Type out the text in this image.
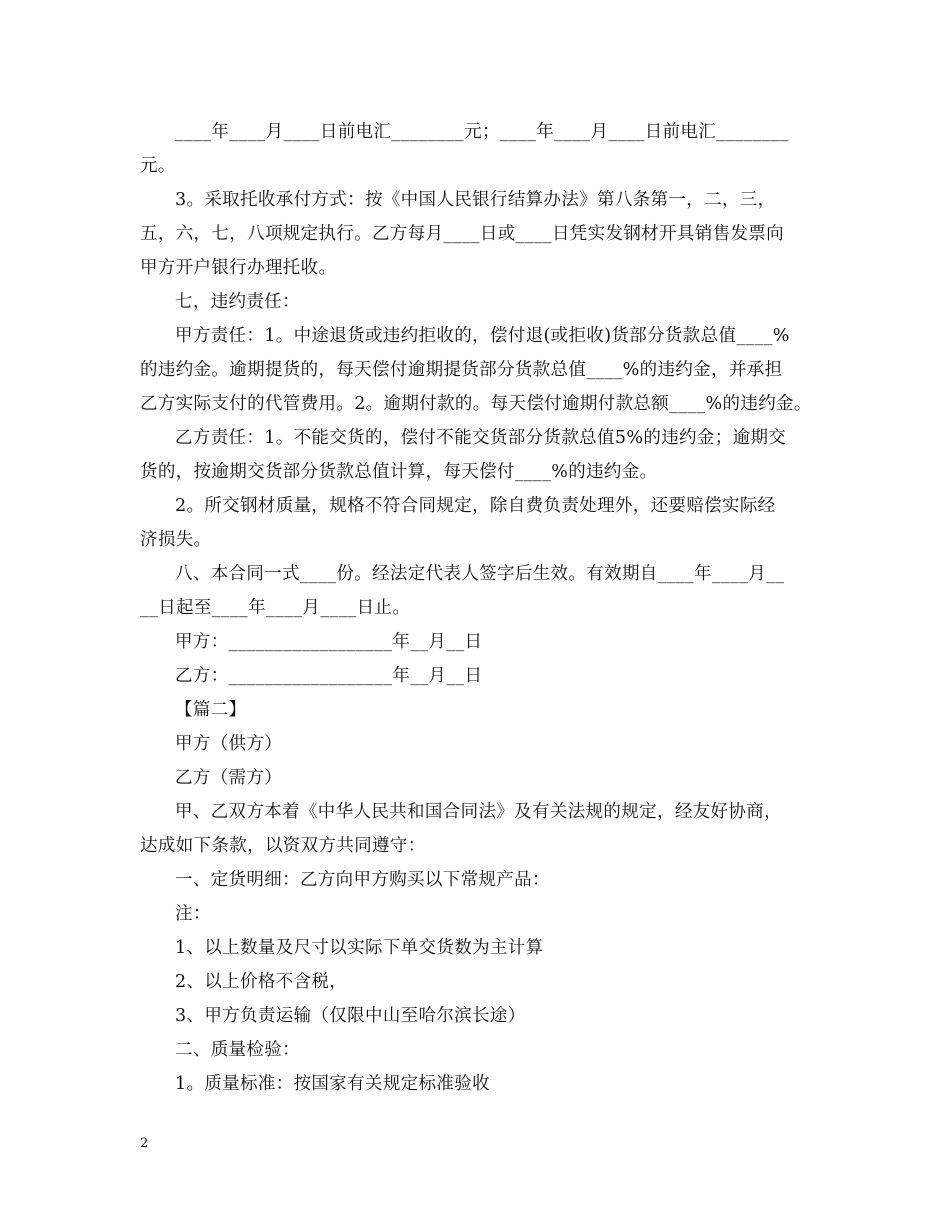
____年____月____日前电汇________元；____年____月____日前电汇________
元。
3。采取托收承付方式：按《中国人民银行结算办法》第八条第一，二，三，
五，六，七，八项规定执行。乙方每月____日或____日凭实发钢材开具销售发票向
甲方开户银行办理托收。
七，违约责任：
甲方责任：1。中途退货或违约拒收的，偿付退(或拒收)货部分货款总值____%
的违约金。逾期提货的，每天偿付逾期提货部分货款总值____%的违约金，并承担
乙方实际支付的代管费用。2。逾期付款的。每天偿付逾期付款总额____%的违约金。
乙方责任：1。不能交货的，偿付不能交货部分货款总值5%的违约金；逾期交
货的，按逾期交货部分货款总值计算，每天偿付____%的违约金。
2。所交钢材质量，规格不符合同规定，除自费负责处理外，还要赔偿实际经
济损失。
八、本合同一式____份。经法定代表人签字后生效。有效期自____年____月__
__日起至____年____月____日止。
甲方：__________________年__月__日
乙方：__________________年__月__日
【篇二】
甲方（供方）
乙方（需方）
甲、乙双方本着《中华人民共和国合同法》及有关法规的规定，经友好协商，
达成如下条款，以资双方共同遵守：
一、定货明细：乙方向甲方购买以下常规产品：
注：
1、以上数量及尺寸以实际下单交货数为主计算
2、以上价格不含税，
3、甲方负责运输（仅限中山至哈尔滨长途）
二、质量检验：
1。质量标准：按国家有关规定标准验收
2
